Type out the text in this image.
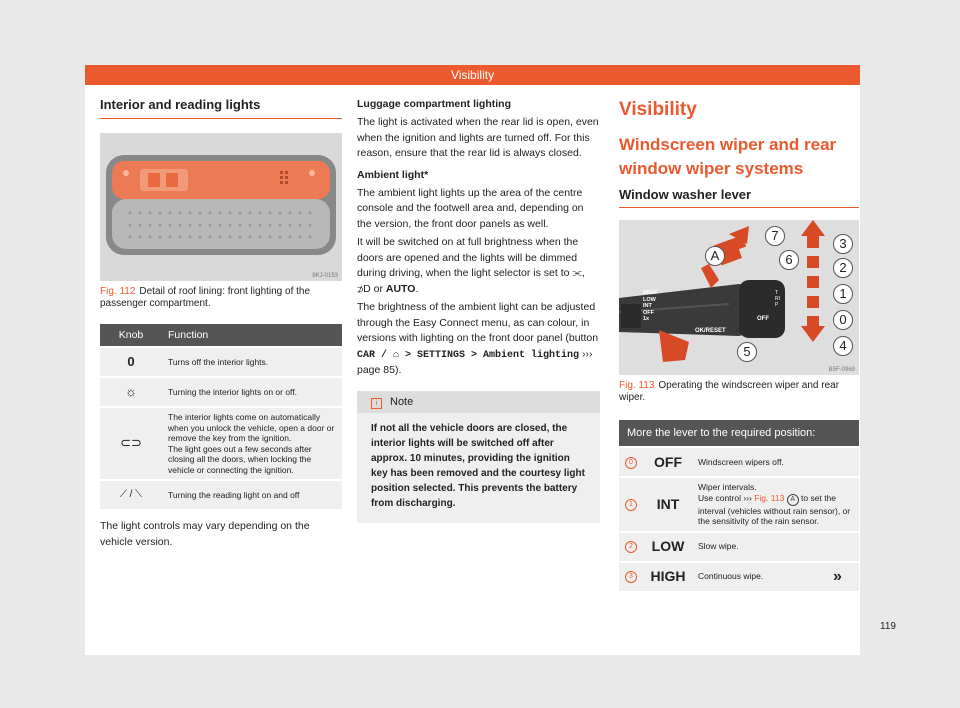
Visibility
Interior and reading lights
8KJ-0153
Fig. 112 Detail of roof lining: front lighting of the passenger compartment.
Knob	Function
0	Turns off the interior lights.
☼	Turning the interior lights on or off.
⊂⊃	The interior lights come on automatically when you unlock the vehicle, open a door or remove the key from the ignition.
The light goes out a few seconds after closing all the doors, when locking the vehicle or connecting the ignition.
⟋ / ⟍	Turning the reading light on and off

The light controls may vary depending on the vehicle version.

Luggage compartment lighting

The light is activated when the rear lid is open, even when the ignition and lights are turned off. For this reason, ensure that the rear lid is always closed.

Ambient light*

The ambient light lights up the area of the centre console and the footwell area and, depending on the version, the front door panels as well.

It will be switched on at full brightness when the doors are opened and the lights will be dimmed during driving, when the light selector is set to ⫘, ⊅D or AUTO.

The brightness of the ambient light can be adjusted through the Easy Connect menu, as can colour, in versions with lighting on the front door panel (button CAR / ⌂ > SETTINGS > Ambient lighting ››› page 85).

i Note
If not all the vehicle doors are closed, the interior lights will be switched off after approx. 10 minutes, providing the ignition key has been removed and the courtesy light position selected. This prevents the battery from discharging.
Visibility
Windscreen wiper and rear window wiper systems
Window washer lever
A
7
6
3
2
1
0
4
5
HIGH
LOW
INT
OFF
1x
OK/RESET
OFF
TRIP
B5F-0969
Fig. 113 Operating the windscreen wiper and rear wiper.
More the lever to the required position:		
0	OFF	Windscreen wipers off.
1	INT	Wiper intervals.
Use control ››› Fig. 113 A to set the interval (vehicles without rain sensor), or the sensitivity of the rain sensor.
2	LOW	Slow wipe.
3	HIGH	Continuous wipe.	»
119
